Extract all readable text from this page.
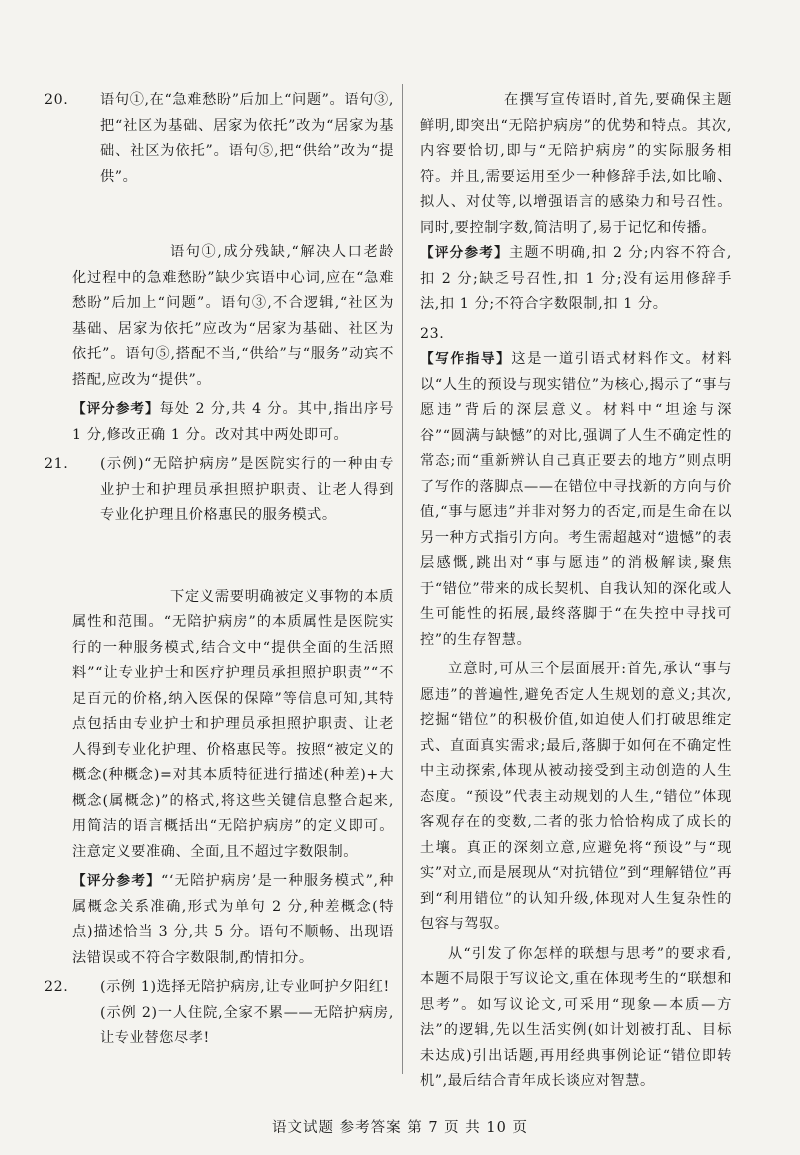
20. 语句①,在“急难愁盼”后加上“问题”。语句③,把“社区为基础、居家为依托”改为“居家为基础、社区为依托”。语句⑤,把“供给”改为“提供”。

语句①,成分残缺,“解决人口老龄化过程中的急难愁盼”缺少宾语中心词,应在“急难愁盼”后加上“问题”。语句③,不合逻辑,“社区为基础、居家为依托”应改为“居家为基础、社区为依托”。语句⑤,搭配不当,“供给”与“服务”动宾不搭配,应改为“提供”。

【评分参考】每处 2 分,共 4 分。其中,指出序号 1 分,修改正确 1 分。改对其中两处即可。

21. (示例)“无陪护病房”是医院实行的一种由专业护士和护理员承担照护职责、让老人得到专业化护理且价格惠民的服务模式。

下定义需要明确被定义事物的本质属性和范围。“无陪护病房”的本质属性是医院实行的一种服务模式,结合文中“提供全面的生活照料”“让专业护士和医疗护理员承担照护职责”“不足百元的价格,纳入医保的保障”等信息可知,其特点包括由专业护士和护理员承担照护职责、让老人得到专业化护理、价格惠民等。按照“被定义的概念(种概念)=对其本质特征进行描述(种差)+大概念(属概念)”的格式,将这些关键信息整合起来,用简洁的语言概括出“无陪护病房”的定义即可。注意定义要准确、全面,且不超过字数限制。

【评分参考】“‘无陪护病房’是一种服务模式”,种属概念关系准确,形式为单句 2 分,种差概念(特点)描述恰当 3 分,共 5 分。语句不顺畅、出现语法错误或不符合字数限制,酌情扣分。

22. (示例 1)选择无陪护病房,让专业呵护夕阳红!

(示例 2)一人住院,全家不累——无陪护病房,让专业替您尽孝!

在撰写宣传语时,首先,要确保主题鲜明,即突出“无陪护病房”的优势和特点。其次,内容要恰切,即与“无陪护病房”的实际服务相符。并且,需要运用至少一种修辞手法,如比喻、拟人、对仗等,以增强语言的感染力和号召性。同时,要控制字数,简洁明了,易于记忆和传播。

【评分参考】主题不明确,扣 2 分;内容不符合,扣 2 分;缺乏号召性,扣 1 分;没有运用修辞手法,扣 1 分;不符合字数限制,扣 1 分。

23.

【写作指导】这是一道引语式材料作文。材料以“人生的预设与现实错位”为核心,揭示了“事与愿违”背后的深层意义。材料中“坦途与深谷”“圆满与缺憾”的对比,强调了人生不确定性的常态;而“重新辨认自己真正要去的地方”则点明了写作的落脚点——在错位中寻找新的方向与价值,“事与愿违”并非对努力的否定,而是生命在以另一种方式指引方向。考生需超越对“遗憾”的表层感慨,跳出对“事与愿违”的消极解读,聚焦于“错位”带来的成长契机、自我认知的深化或人生可能性的拓展,最终落脚于“在失控中寻找可控”的生存智慧。

立意时,可从三个层面展开:首先,承认“事与愿违”的普遍性,避免否定人生规划的意义;其次,挖掘“错位”的积极价值,如迫使人们打破思维定式、直面真实需求;最后,落脚于如何在不确定性中主动探索,体现从被动接受到主动创造的人生态度。“预设”代表主动规划的人生,“错位”体现客观存在的变数,二者的张力恰恰构成了成长的土壤。真正的深刻立意,应避免将“预设”与“现实”对立,而是展现从“对抗错位”到“理解错位”再到“利用错位”的认知升级,体现对人生复杂性的包容与驾驭。

从“引发了你怎样的联想与思考”的要求看,本题不局限于写议论文,重在体现考生的“联想和思考”。如写议论文,可采用“现象—本质—方法”的逻辑,先以生活实例(如计划被打乱、目标未达成)引出话题,再用经典事例论证“错位即转机”,最后结合青年成长谈应对智慧。

语文试题 参考答案 第 7 页 共 10 页
